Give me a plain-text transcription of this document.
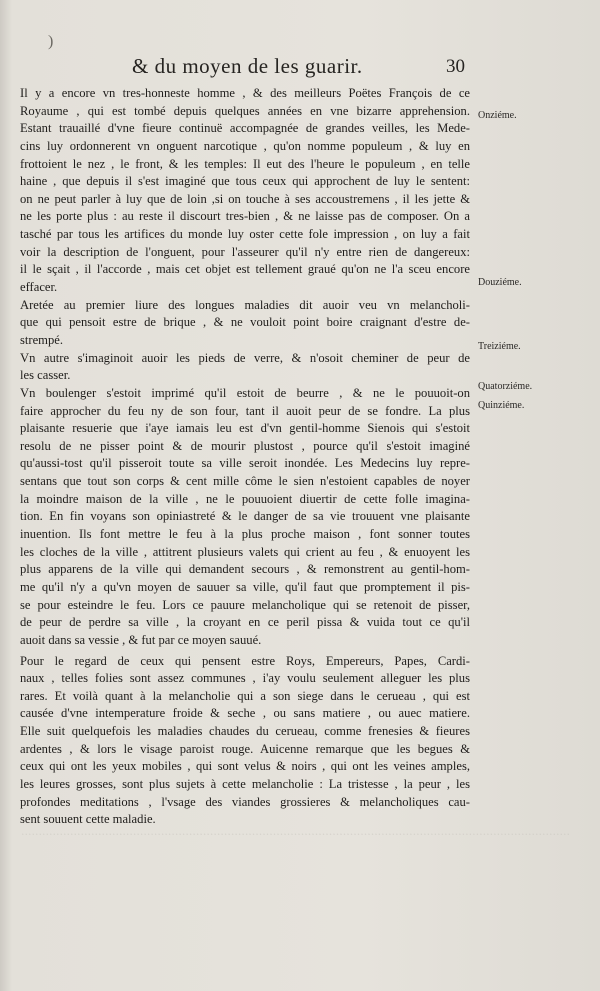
.............................................................................................................................................................
& du moyen de les guarir.	30
)
Il y a encore vn tres-honneste homme , & des meilleurs Poëtes François de ce
Royaume , qui est tombé depuis quelques années en vne bizarre apprehension.
Estant trauaillé d'vne fieure continuë accompagnée de grandes veilles, les Mede-
cins luy ordonnerent vn onguent narcotique , qu'on nomme populeum , & luy en
frottoient le nez , le front, & les temples: Il eut des l'heure le populeum , en telle
haine , que depuis il s'est imaginé que tous ceux qui approchent de luy le sentent:
on ne peut parler à luy que de loin ,si on touche à ses accoustremens , il les jette &
ne les porte plus : au reste il discourt tres-bien , & ne laisse pas de composer. On a
tasché par tous les artifices du monde luy oster cette fole impression , on luy a fait
voir la description de l'onguent, pour l'asseurer qu'il n'y entre rien de dangereux:
il le sçait , il l'accorde , mais cet objet est tellement graué qu'on ne l'a sceu encore
effacer.
Aretée au premier liure des longues maladies dit auoir veu vn melancholi-
que qui pensoit estre de brique , & ne vouloit point boire craignant d'estre de-
strempé.
Vn autre s'imaginoit auoir les pieds de verre, & n'osoit cheminer de peur de
les casser.
Vn boulenger s'estoit imprimé qu'il estoit de beurre , & ne le pouuoit-on
faire approcher du feu ny de son four, tant il auoit peur de se fondre. La plus
plaisante resuerie que i'aye iamais leu est d'vn gentil-homme Sienois qui s'estoit
resolu de ne pisser point & de mourir plustost , pource qu'il s'estoit imaginé
qu'aussi-tost qu'il pisseroit toute sa ville seroit inondée. Les Medecins luy repre-
sentans que tout son corps & cent mille côme le sien n'estoient capables de noyer
la moindre maison de la ville , ne le pouuoient diuertir de cette folle imagina-
tion. En fin voyans son opiniastreté & le danger de sa vie trouuent vne plaisante
inuention. Ils font mettre le feu à la plus proche maison , font sonner toutes
les cloches de la ville , attitrent plusieurs valets qui crient au feu , & enuoyent les
plus apparens de la ville qui demandent secours , & remonstrent au gentil-hom-
me qu'il n'y a qu'vn moyen de sauuer sa ville, qu'il faut que promptement il pis-
se pour esteindre le feu. Lors ce pauure melancholique qui se retenoit de pisser,
de peur de perdre sa ville , la croyant en ce peril pissa & vuida tout ce qu'il
auoit dans sa vessie , & fut par ce moyen sauué.
Pour le regard de ceux qui pensent estre Roys, Empereurs, Papes, Cardi-
naux , telles folies sont assez communes , i'ay voulu seulement alleguer les plus
rares. Et voilà quant à la melancholie qui a son siege dans le cerueau , qui est
causée d'vne intemperature froide & seche , ou sans matiere , ou auec matiere.
Elle suit quelquefois les maladies chaudes du cerueau, comme frenesies & fieures
ardentes , & lors le visage paroist rouge. Auicenne remarque que les begues &
ceux qui ont les yeux mobiles , qui sont velus & noirs , qui ont les veines amples,
les leures grosses, sont plus sujets à cette melancholie : La tristesse , la peur , les
profondes meditations , l'vsage des viandes grossieres & melancholiques cau-
sent souuent cette maladie.
Onziéme.
Douziéme.
Treiziéme.
Quatorziéme.
Quinziéme.
